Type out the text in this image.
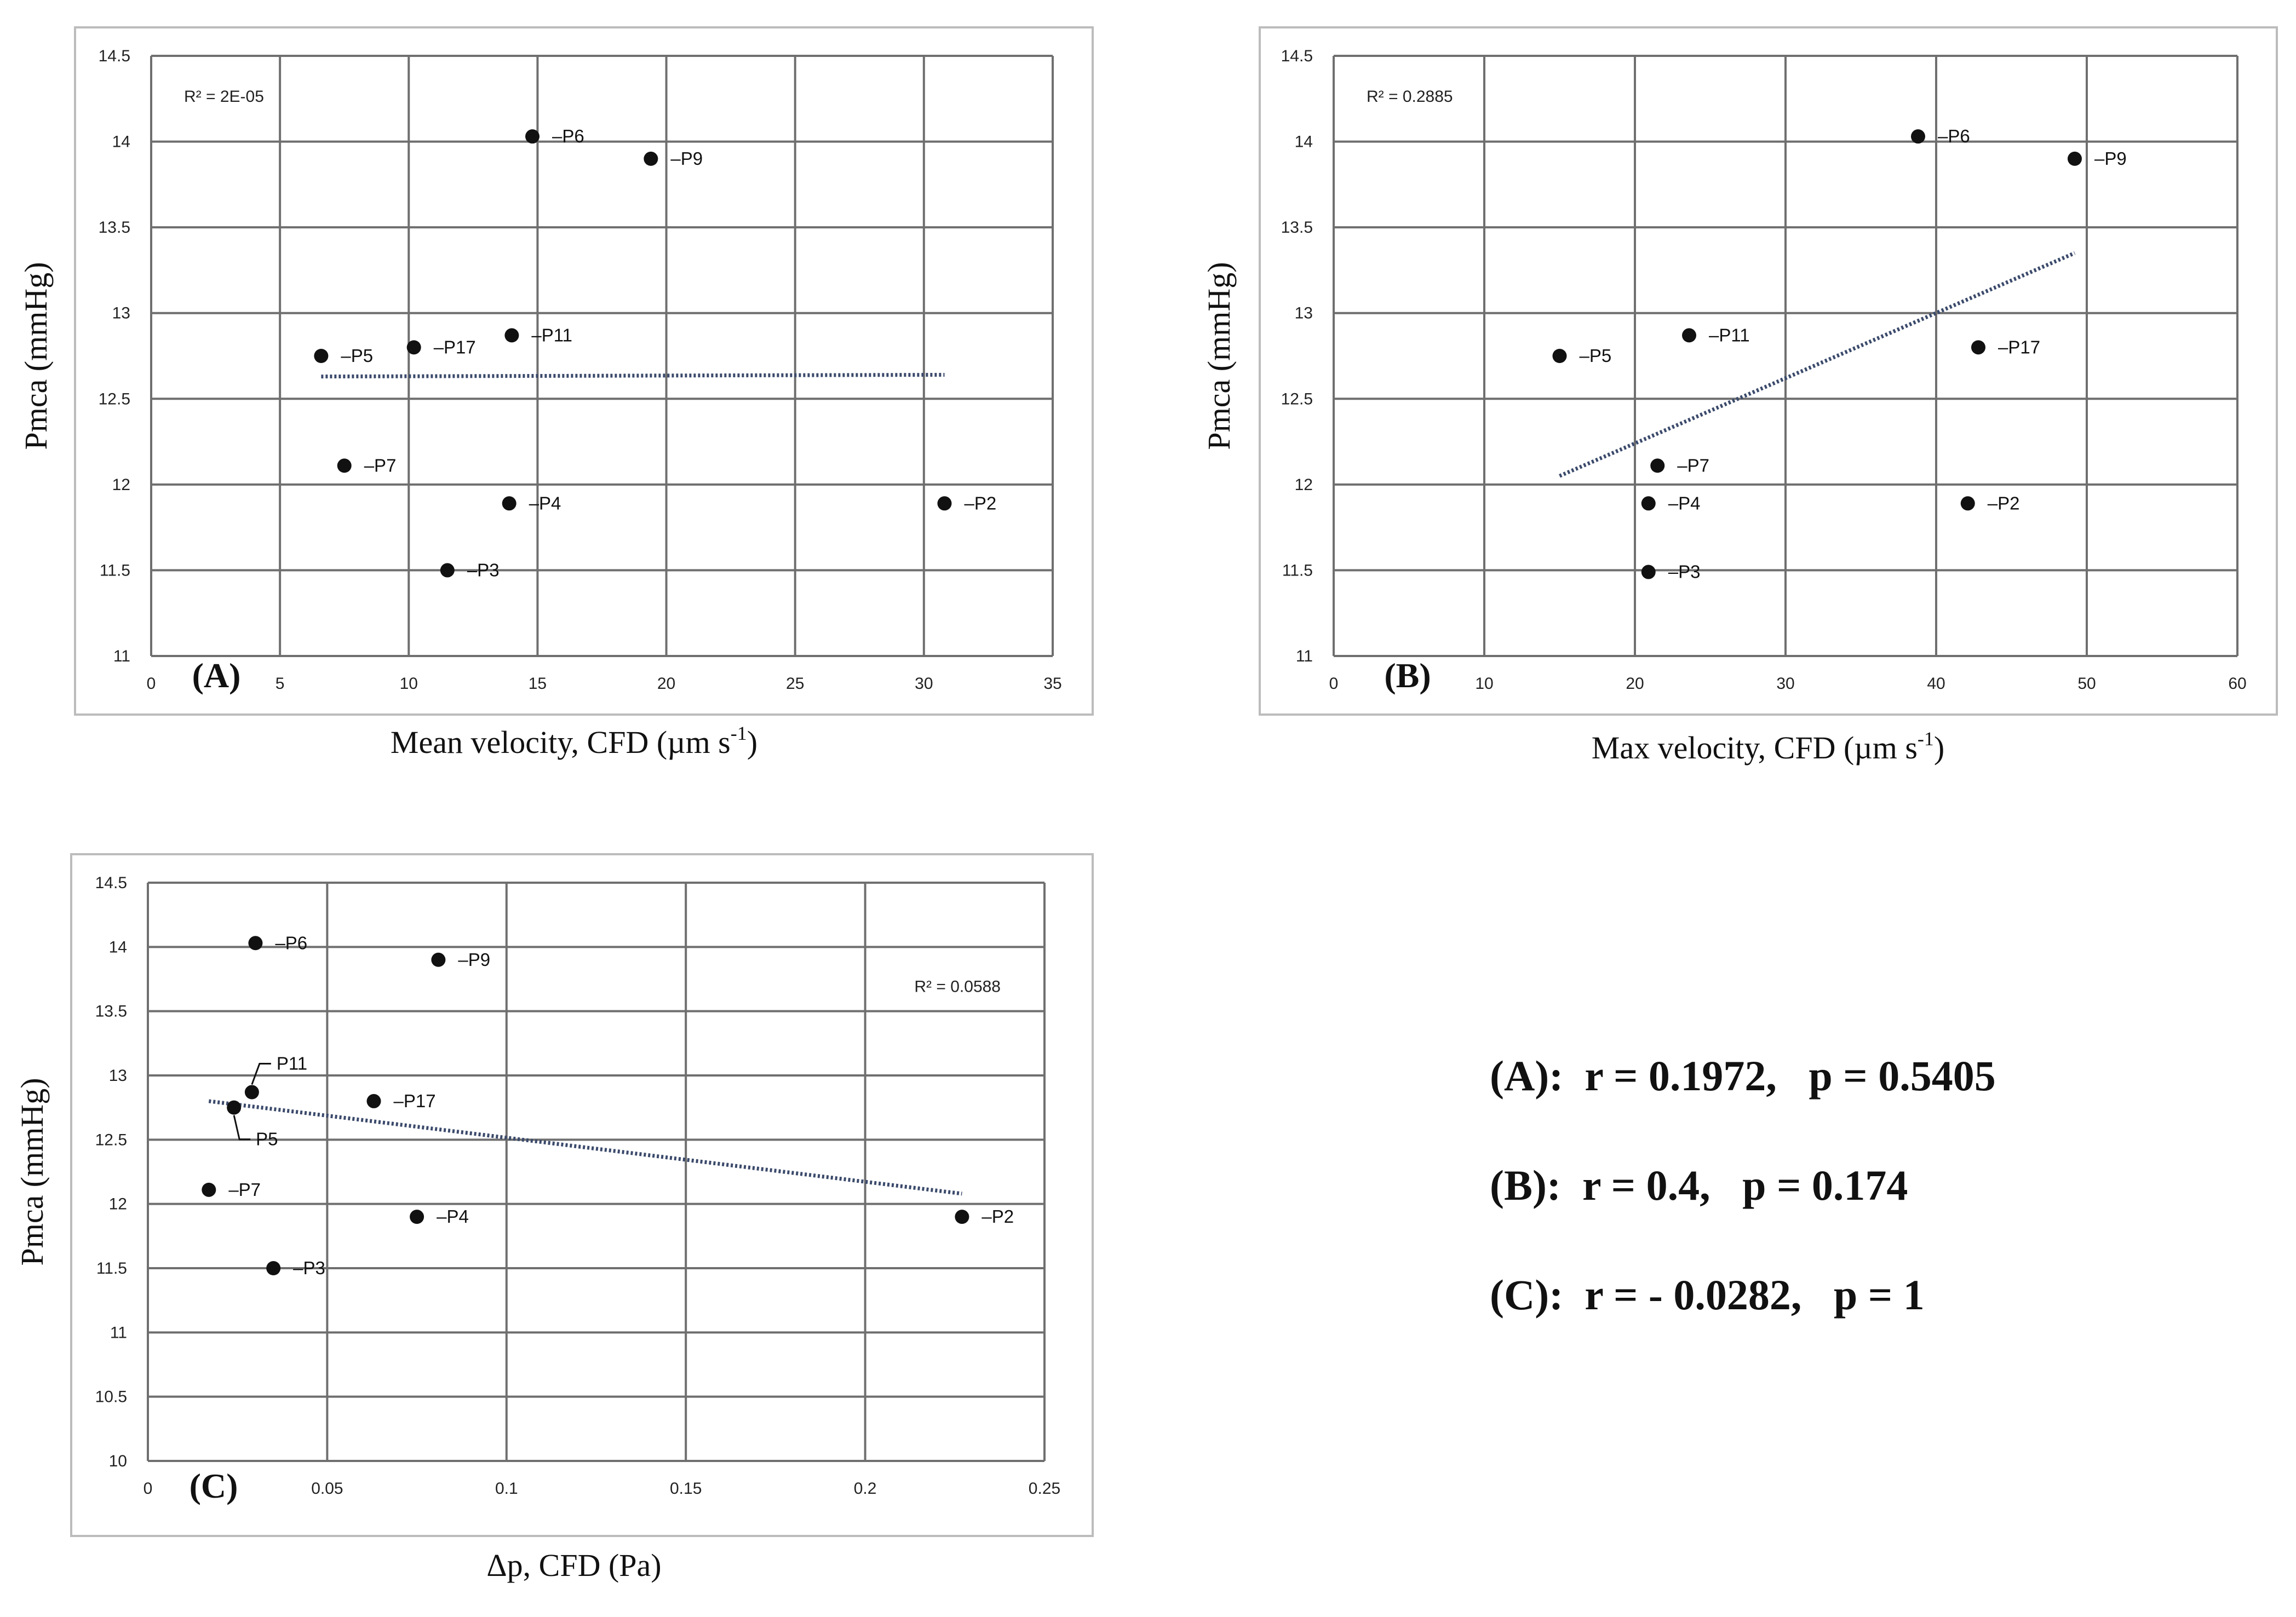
0	5	10	15	20	25	30	35
11
11.5
12
12.5
13
13.5
14
14.5
–P6
–P9
–P11
–P17
–P5
–P7
–P4	–P2
–P3
R² = 2E-05
(A)
Mean velocity, CFD (µm $s^{-1}$)
Pmca (mmHg)
0	10	20	30	40	50	60
11
11.5
12
12.5
13
13.5
14
14.5
–P6
–P9
–P11
–P17
–P5
–P7
–P4	–P2
–P3
R² = 0.2885
(B)
Max velocity, CFD (µm $s^{-1}$)
Pmca (mmHg)
0	0.05	0.1	0.15	0.2	0.25
10
10.5
11
11.5
12
12.5
13
13.5
14
14.5
–P6
–P9
P11
–P17
P5
–P7
–P4	–P2
–P3
R² = 0.0588
(C)
Δp, CFD (Pa)
Pmca (mmHg)
(A):  r = 0.1972,   p = 0.5405
(B):  r = 0.4,   p = 0.174
(C):  r = - 0.0282,   p = 1
